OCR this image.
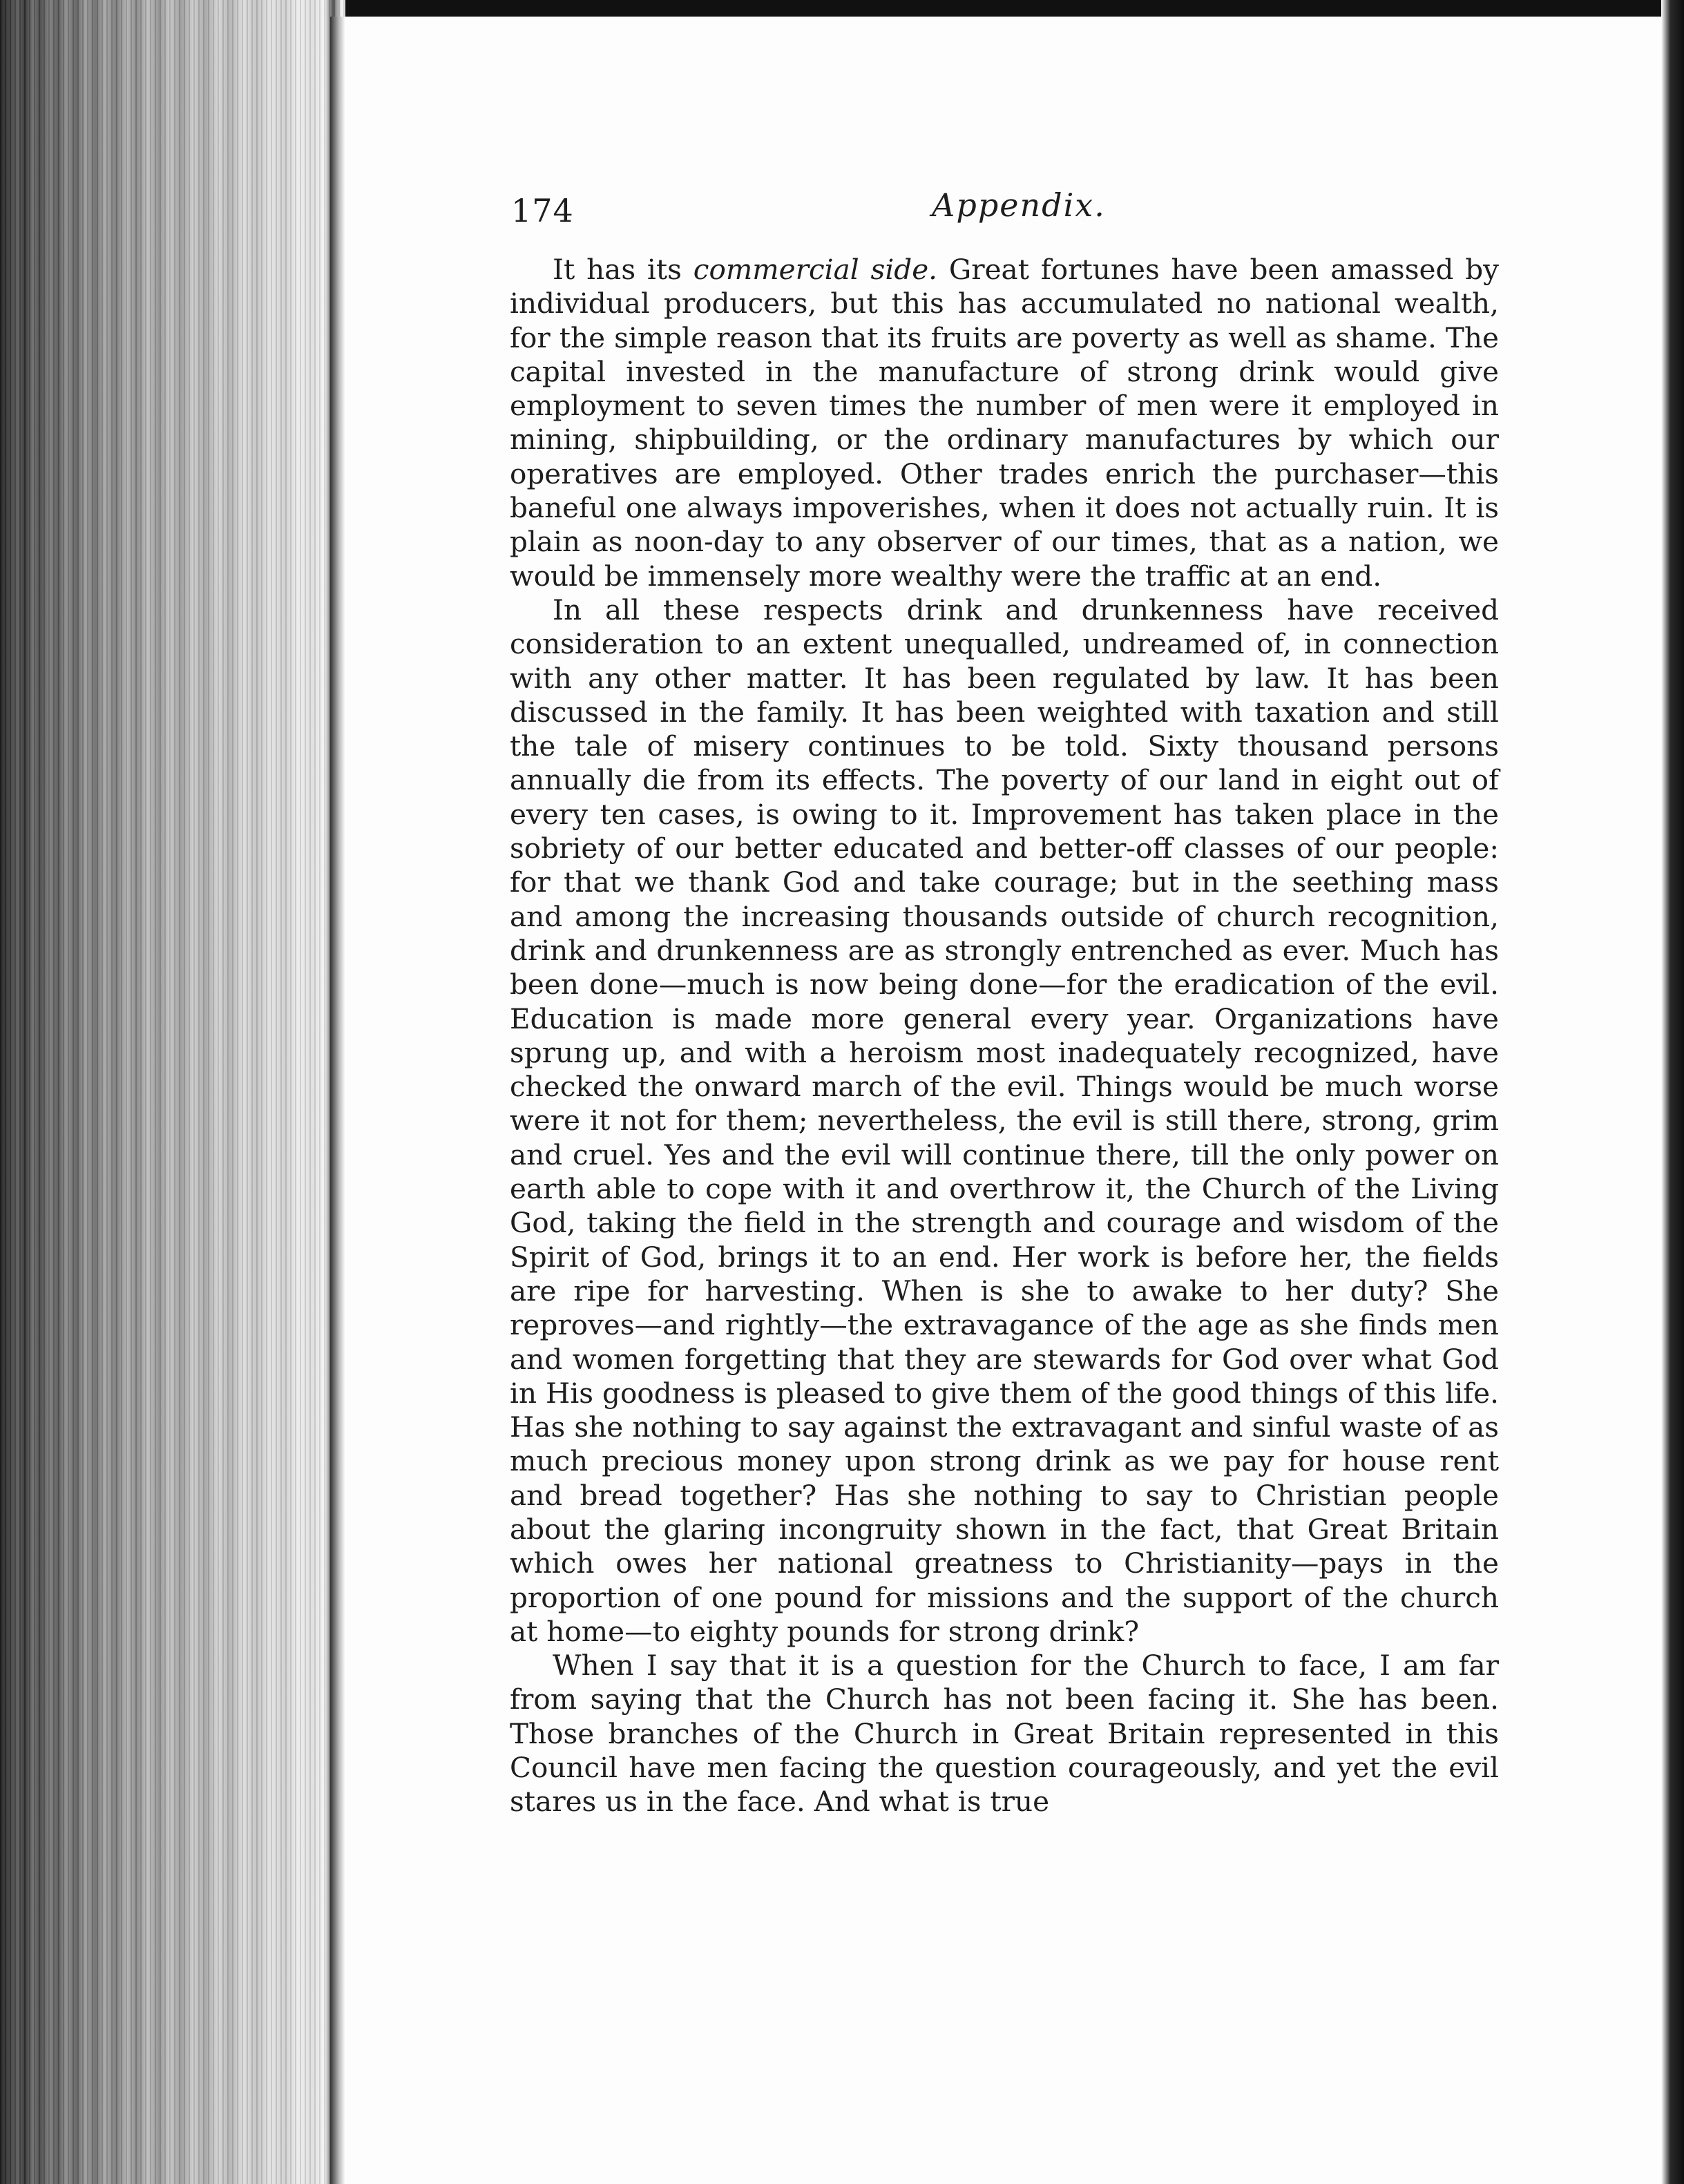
174	Appendix.

It has its commercial side. Great fortunes have been amassed by individual producers, but this has accumulated no national wealth, for the simple reason that its fruits are poverty as well as shame. The capital invested in the manufacture of strong drink would give employment to seven times the number of men were it employed in mining, shipbuilding, or the ordinary manufactures by which our operatives are employed. Other trades enrich the purchaser—this baneful one always impoverishes, when it does not actually ruin. It is plain as noon-day to any observer of our times, that as a nation, we would be immensely more wealthy were the traffic at an end.

In all these respects drink and drunkenness have received consideration to an extent unequalled, undreamed of, in connection with any other matter. It has been regulated by law. It has been discussed in the family. It has been weighted with taxation and still the tale of misery continues to be told. Sixty thousand persons annually die from its effects. The poverty of our land in eight out of every ten cases, is owing to it. Improvement has taken place in the sobriety of our better educated and better-off classes of our people: for that we thank God and take courage; but in the seething mass and among the increasing thousands outside of church recognition, drink and drunkenness are as strongly entrenched as ever. Much has been done—much is now being done—for the eradication of the evil. Education is made more general every year. Organizations have sprung up, and with a heroism most inadequately recognized, have checked the onward march of the evil. Things would be much worse were it not for them; nevertheless, the evil is still there, strong, grim and cruel. Yes and the evil will continue there, till the only power on earth able to cope with it and overthrow it, the Church of the Living God, taking the field in the strength and courage and wisdom of the Spirit of God, brings it to an end. Her work is before her, the fields are ripe for harvesting. When is she to awake to her duty? She reproves—and rightly—the extravagance of the age as she finds men and women forgetting that they are stewards for God over what God in His goodness is pleased to give them of the good things of this life. Has she nothing to say against the extravagant and sinful waste of as much precious money upon strong drink as we pay for house rent and bread together? Has she nothing to say to Christian people about the glaring incongruity shown in the fact, that Great Britain which owes her national greatness to Christianity—pays in the proportion of one pound for missions and the support of the church at home—to eighty pounds for strong drink?

When I say that it is a question for the Church to face, I am far from saying that the Church has not been facing it. She has been. Those branches of the Church in Great Britain represented in this Council have men facing the question courageously, and yet the evil stares us in the face. And what is true
